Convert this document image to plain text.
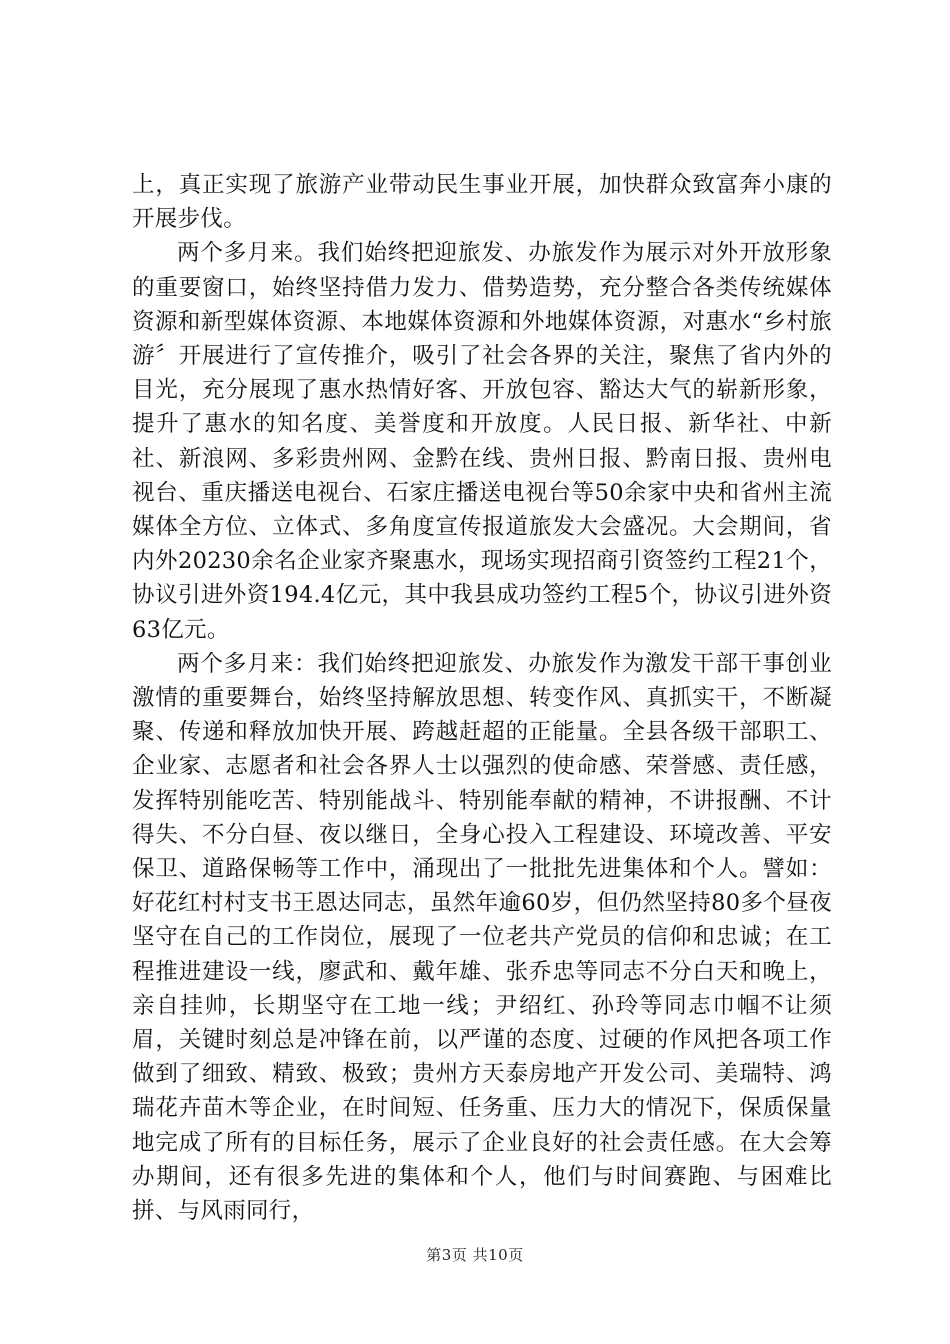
上，真正实现了旅游产业带动民生事业开展，加快群众致富奔小康的开展步伐。

两个多月来。我们始终把迎旅发、办旅发作为展示对外开放形象的重要窗口，始终坚持借力发力、借势造势，充分整合各类传统媒体资源和新型媒体资源、本地媒体资源和外地媒体资源，对惠水“乡村旅游〞开展进行了宣传推介，吸引了社会各界的关注，聚焦了省内外的目光，充分展现了惠水热情好客、开放包容、豁达大气的崭新形象，提升了惠水的知名度、美誉度和开放度。人民日报、新华社、中新社、新浪网、多彩贵州网、金黔在线、贵州日报、黔南日报、贵州电视台、重庆播送电视台、石家庄播送电视台等50余家中央和省州主流媒体全方位、立体式、多角度宣传报道旅发大会盛况。大会期间，省内外20230余名企业家齐聚惠水，现场实现招商引资签约工程21个，协议引进外资194.4亿元，其中我县成功签约工程5个，协议引进外资63亿元。

两个多月来：我们始终把迎旅发、办旅发作为激发干部干事创业激情的重要舞台，始终坚持解放思想、转变作风、真抓实干，不断凝聚、传递和释放加快开展、跨越赶超的正能量。全县各级干部职工、企业家、志愿者和社会各界人士以强烈的使命感、荣誉感、责任感，发挥特别能吃苦、特别能战斗、特别能奉献的精神，不讲报酬、不计得失、不分白昼、夜以继日，全身心投入工程建设、环境改善、平安保卫、道路保畅等工作中，涌现出了一批批先进集体和个人。譬如：好花红村村支书王恩达同志，虽然年逾60岁，但仍然坚持80多个昼夜坚守在自己的工作岗位，展现了一位老共产党员的信仰和忠诚；在工程推进建设一线，廖武和、戴年雄、张乔忠等同志不分白天和晚上，亲自挂帅，长期坚守在工地一线；尹绍红、孙玲等同志巾帼不让须眉，关键时刻总是冲锋在前，以严谨的态度、过硬的作风把各项工作做到了细致、精致、极致；贵州方天泰房地产开发公司、美瑞特、鸿瑞花卉苗木等企业，在时间短、任务重、压力大的情况下，保质保量地完成了所有的目标任务，展示了企业良好的社会责任感。在大会筹办期间，还有很多先进的集体和个人，他们与时间赛跑、与困难比拼、与风雨同行，

第3页 共10页
